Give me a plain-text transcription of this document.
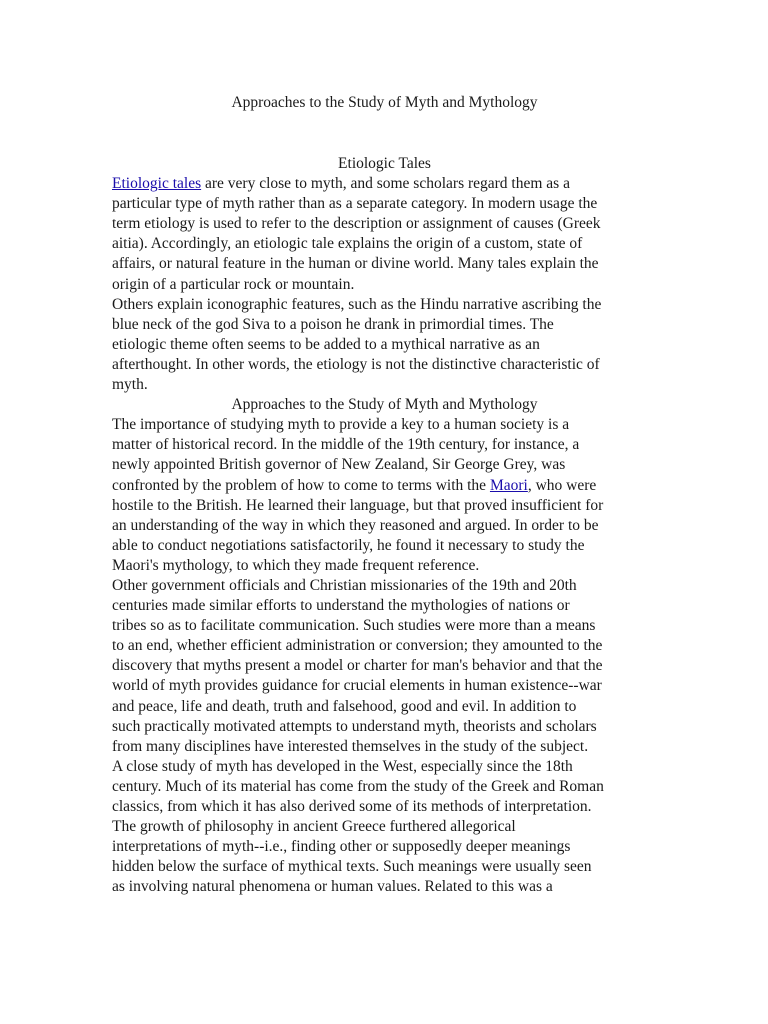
Approaches to the Study of Myth and Mythology
Etiologic Tales
Etiologic tales are very close to myth, and some scholars regard them as a
particular type of myth rather than as a separate category. In modern usage the
term etiology is used to refer to the description or assignment of causes (Greek
aitia). Accordingly, an etiologic tale explains the origin of a custom, state of
affairs, or natural feature in the human or divine world. Many tales explain the
origin of a particular rock or mountain.
Others explain iconographic features, such as the Hindu narrative ascribing the
blue neck of the god Siva to a poison he drank in primordial times. The
etiologic theme often seems to be added to a mythical narrative as an
afterthought. In other words, the etiology is not the distinctive characteristic of
myth.
Approaches to the Study of Myth and Mythology
The importance of studying myth to provide a key to a human society is a
matter of historical record. In the middle of the 19th century, for instance, a
newly appointed British governor of New Zealand, Sir George Grey, was
confronted by the problem of how to come to terms with the Maori, who were
hostile to the British. He learned their language, but that proved insufficient for
an understanding of the way in which they reasoned and argued. In order to be
able to conduct negotiations satisfactorily, he found it necessary to study the
Maori's mythology, to which they made frequent reference.
Other government officials and Christian missionaries of the 19th and 20th
centuries made similar efforts to understand the mythologies of nations or
tribes so as to facilitate communication. Such studies were more than a means
to an end, whether efficient administration or conversion; they amounted to the
discovery that myths present a model or charter for man's behavior and that the
world of myth provides guidance for crucial elements in human existence--war
and peace, life and death, truth and falsehood, good and evil. In addition to
such practically motivated attempts to understand myth, theorists and scholars
from many disciplines have interested themselves in the study of the subject.
A close study of myth has developed in the West, especially since the 18th
century. Much of its material has come from the study of the Greek and Roman
classics, from which it has also derived some of its methods of interpretation.
The growth of philosophy in ancient Greece furthered allegorical
interpretations of myth--i.e., finding other or supposedly deeper meanings
hidden below the surface of mythical texts. Such meanings were usually seen
as involving natural phenomena or human values. Related to this was a
